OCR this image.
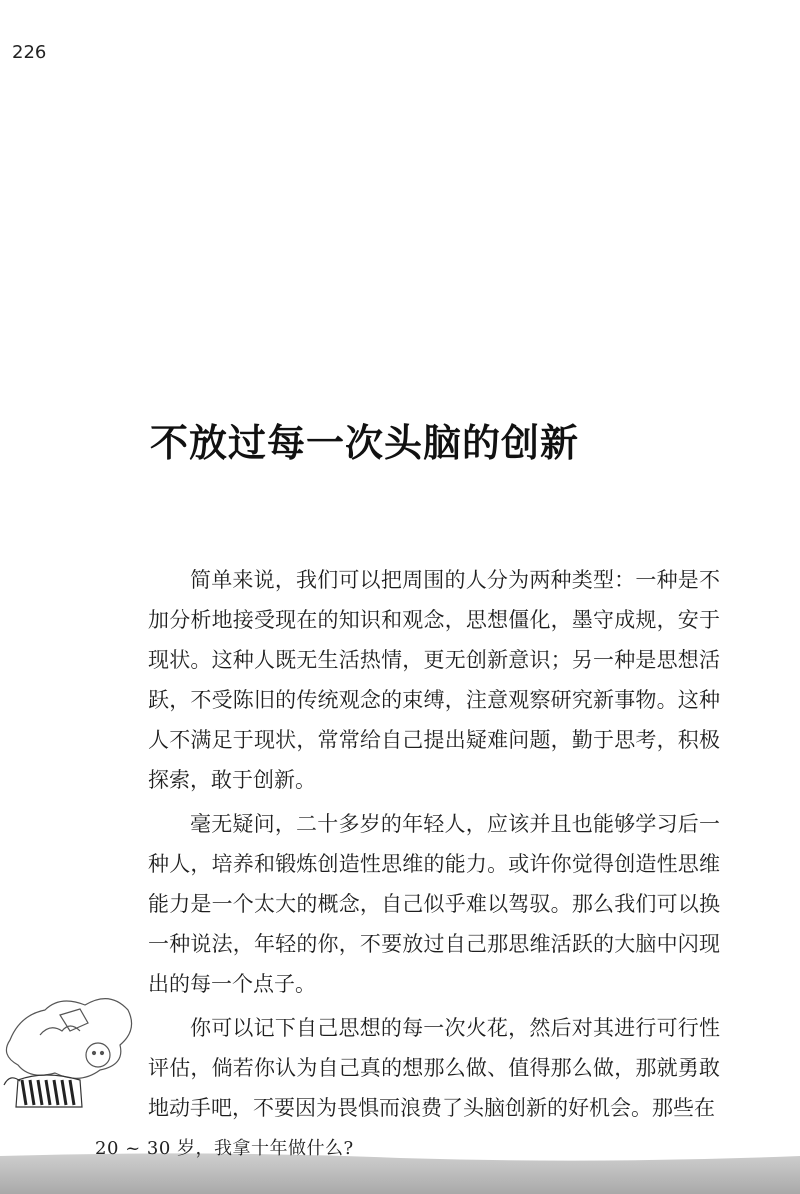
226
不放过每一次头脑的创新

简单来说，我们可以把周围的人分为两种类型：一种是不加分析地接受现在的知识和观念，思想僵化，墨守成规，安于现状。这种人既无生活热情，更无创新意识；另一种是思想活跃，不受陈旧的传统观念的束缚，注意观察研究新事物。这种人不满足于现状，常常给自己提出疑难问题，勤于思考，积极探索，敢于创新。

毫无疑问，二十多岁的年轻人，应该并且也能够学习后一种人，培养和锻炼创造性思维的能力。或许你觉得创造性思维能力是一个太大的概念，自己似乎难以驾驭。那么我们可以换一种说法，年轻的你，不要放过自己那思维活跃的大脑中闪现出的每一个点子。

你可以记下自己思想的每一次火花，然后对其进行可行性评估，倘若你认为自己真的想那么做、值得那么做，那就勇敢地动手吧，不要因为畏惧而浪费了头脑创新的好机会。那些在

20 ~ 30 岁，我拿十年做什么?
